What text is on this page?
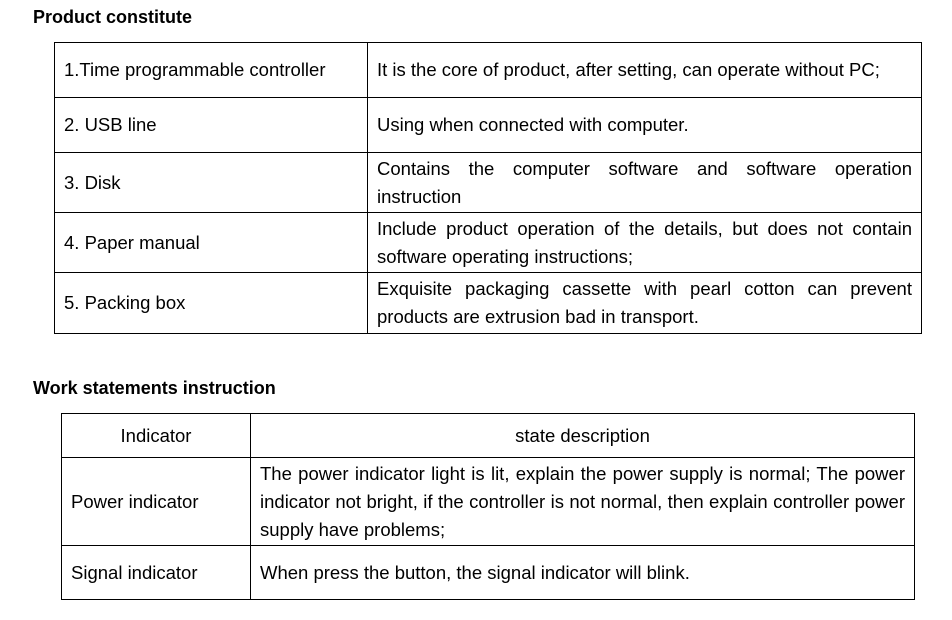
Product constitute
1.Time programmable controller	It is the core of product, after setting, can operate without PC;
2. USB line	Using when connected with computer.
3. Disk	Contains the computer software and software operation instruction
4. Paper manual	Include product operation of the details, but does not contain software operating instructions;
5. Packing box	Exquisite packaging cassette with pearl cotton can prevent products are extrusion bad in transport.
Work statements instruction
Indicator	state description
Power indicator	The power indicator light is lit, explain the power supply is normal; The power indicator not bright, if the controller is not normal, then explain controller power supply have problems;
Signal indicator	When press the button, the signal indicator will blink.
